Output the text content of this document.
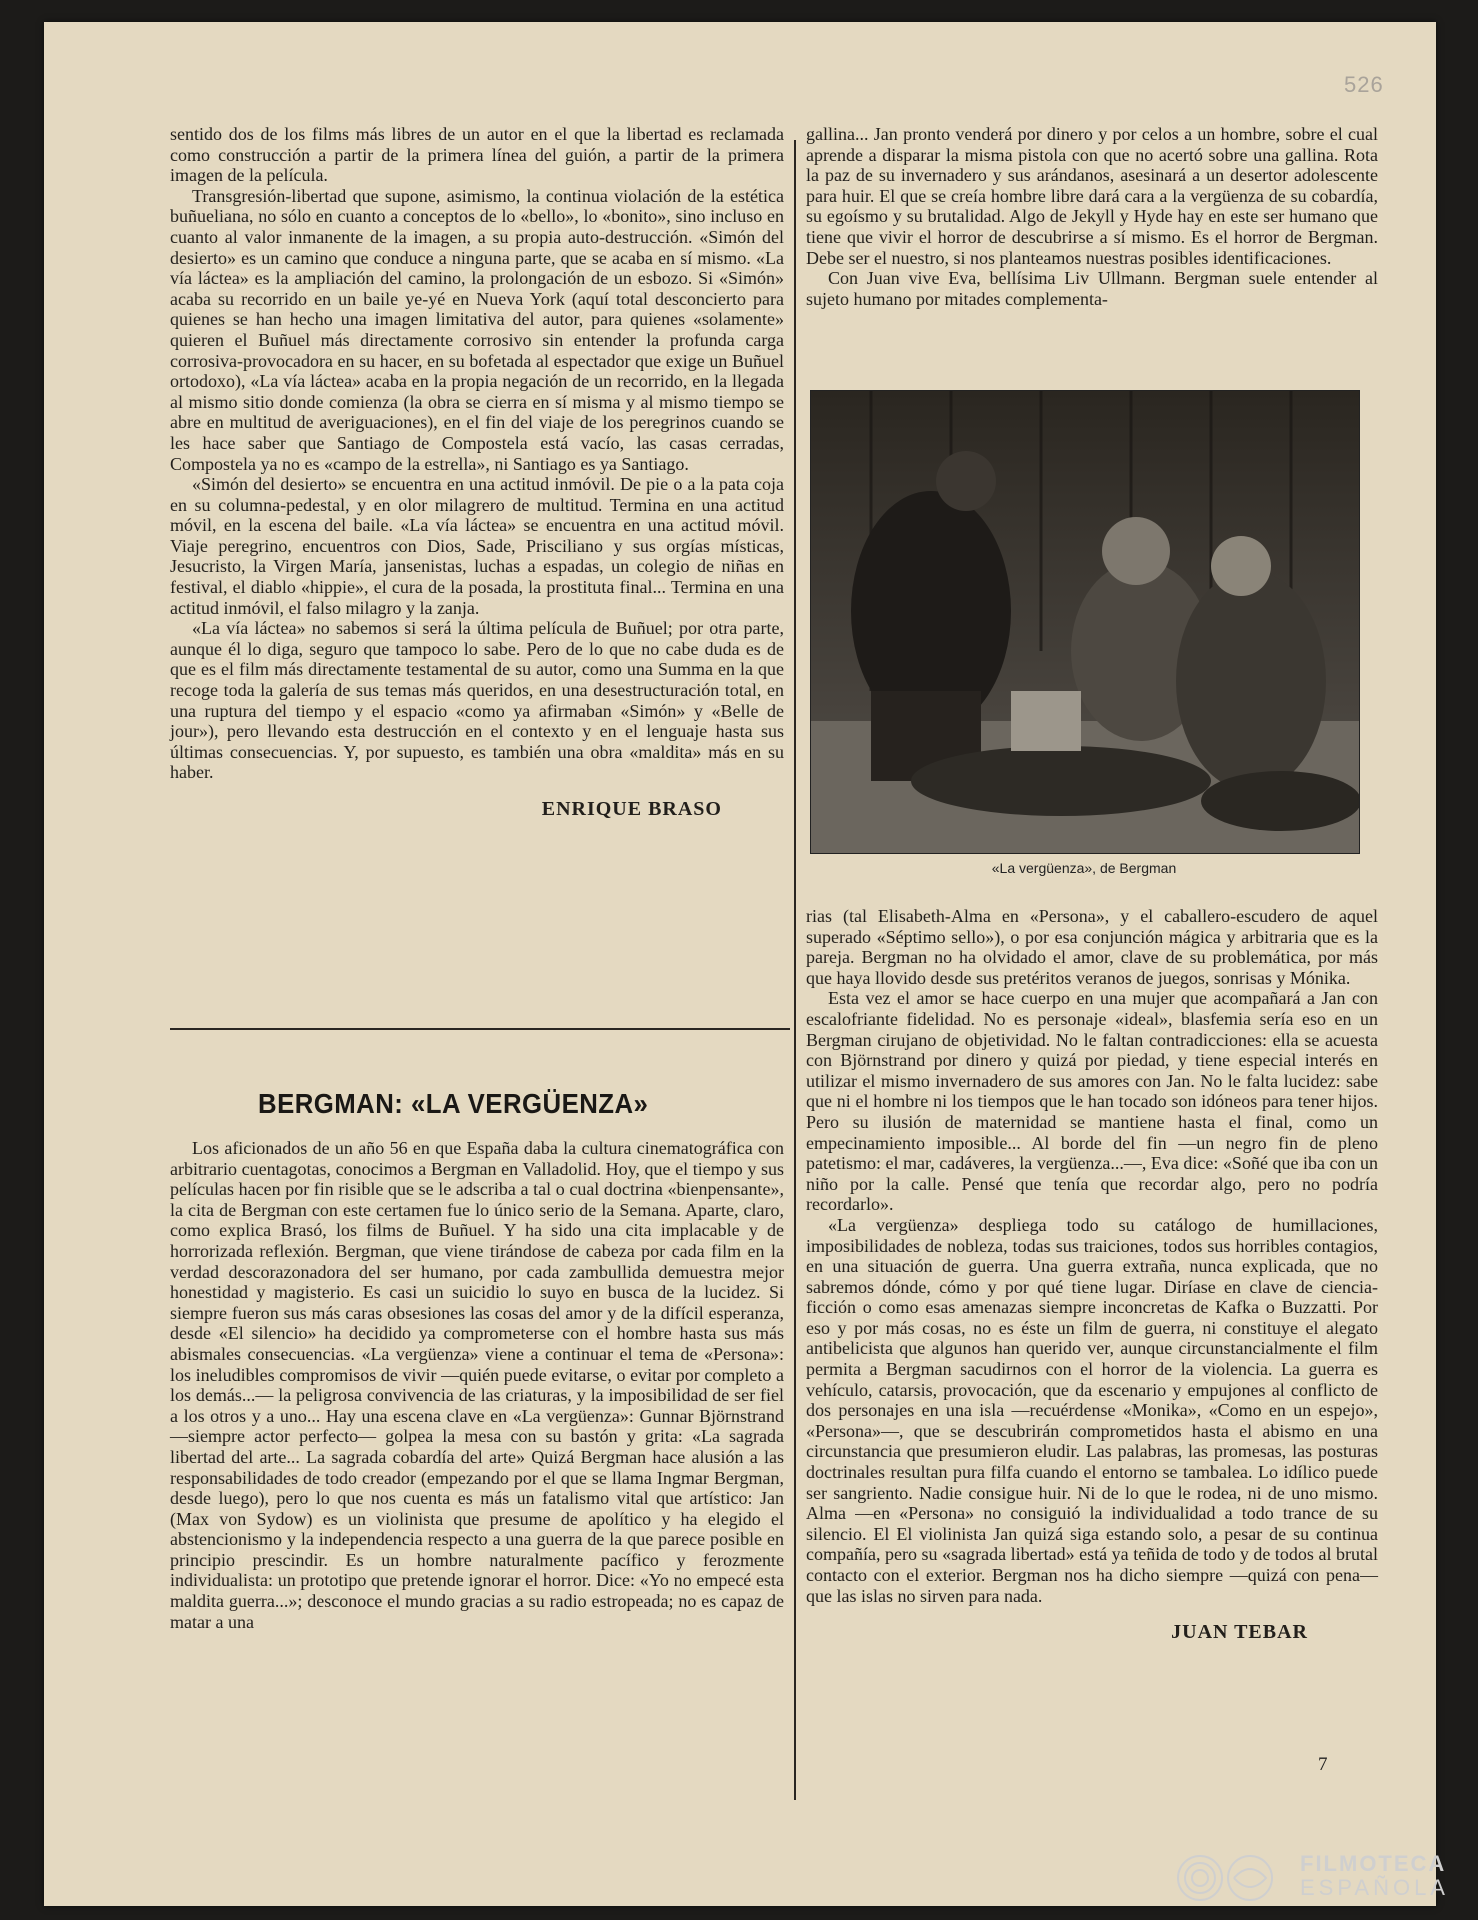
526

sentido dos de los films más libres de un autor en el que la libertad es reclamada como construcción a partir de la primera línea del guión, a partir de la primera imagen de la película.

Transgresión-libertad que supone, asimismo, la continua violación de la estética buñueliana, no sólo en cuanto a conceptos de lo «bello», lo «bonito», sino incluso en cuanto al valor inmanente de la imagen, a su propia auto-destrucción. «Simón del desierto» es un camino que conduce a ninguna parte, que se acaba en sí mismo. «La vía láctea» es la ampliación del camino, la prolongación de un esbozo. Si «Simón» acaba su recorrido en un baile ye-yé en Nueva York (aquí total desconcierto para quienes se han hecho una imagen limitativa del autor, para quienes «solamente» quieren el Buñuel más directamente corrosivo sin entender la profunda carga corrosiva-provocadora en su hacer, en su bofetada al espectador que exige un Buñuel ortodoxo), «La vía láctea» acaba en la propia negación de un recorrido, en la llegada al mismo sitio donde comienza (la obra se cierra en sí misma y al mismo tiempo se abre en multitud de averiguaciones), en el fin del viaje de los peregrinos cuando se les hace saber que Santiago de Compostela está vacío, las casas cerradas, Compostela ya no es «campo de la estrella», ni Santiago es ya Santiago.

«Simón del desierto» se encuentra en una actitud inmóvil. De pie o a la pata coja en su columna-pedestal, y en olor milagrero de multitud. Termina en una actitud móvil, en la escena del baile. «La vía láctea» se encuentra en una actitud móvil. Viaje peregrino, encuentros con Dios, Sade, Prisciliano y sus orgías místicas, Jesucristo, la Virgen María, jansenistas, luchas a espadas, un colegio de niñas en festival, el diablo «hippie», el cura de la posada, la prostituta final... Termina en una actitud inmóvil, el falso milagro y la zanja.

«La vía láctea» no sabemos si será la última película de Buñuel; por otra parte, aunque él lo diga, seguro que tampoco lo sabe. Pero de lo que no cabe duda es de que es el film más directamente testamental de su autor, como una Summa en la que recoge toda la galería de sus temas más queridos, en una desestructuración total, en una ruptura del tiempo y el espacio «como ya afirmaban «Simón» y «Belle de jour»), pero llevando esta destrucción en el contexto y en el lenguaje hasta sus últimas consecuencias. Y, por supuesto, es también una obra «maldita» más en su haber.

ENRIQUE BRASO
BERGMAN: «LA VERGÜENZA»

Los aficionados de un año 56 en que España daba la cultura cinematográfica con arbitrario cuentagotas, conocimos a Bergman en Valladolid. Hoy, que el tiempo y sus películas hacen por fin risible que se le adscriba a tal o cual doctrina «bienpensante», la cita de Bergman con este certamen fue lo único serio de la Semana. Aparte, claro, como explica Brasó, los films de Buñuel. Y ha sido una cita implacable y de horrorizada reflexión. Bergman, que viene tirándose de cabeza por cada film en la verdad descorazonadora del ser humano, por cada zambullida demuestra mejor honestidad y magisterio. Es casi un suicidio lo suyo en busca de la lucidez. Si siempre fueron sus más caras obsesiones las cosas del amor y de la difícil esperanza, desde «El silencio» ha decidido ya comprometerse con el hombre hasta sus más abismales consecuencias. «La vergüenza» viene a continuar el tema de «Persona»: los ineludibles compromisos de vivir —quién puede evitarse, o evitar por completo a los demás...— la peligrosa convivencia de las criaturas, y la imposibilidad de ser fiel a los otros y a uno... Hay una escena clave en «La vergüenza»: Gunnar Björnstrand —siempre actor perfecto— golpea la mesa con su bastón y grita: «La sagrada libertad del arte... La sagrada cobardía del arte» Quizá Bergman hace alusión a las responsabilidades de todo creador (empezando por el que se llama Ingmar Bergman, desde luego), pero lo que nos cuenta es más un fatalismo vital que artístico: Jan (Max von Sydow) es un violinista que presume de apolítico y ha elegido el abstencionismo y la independencia respecto a una guerra de la que parece posible en principio prescindir. Es un hombre naturalmente pacífico y ferozmente individualista: un prototipo que pretende ignorar el horror. Dice: «Yo no empecé esta maldita guerra...»; desconoce el mundo gracias a su radio estropeada; no es capaz de matar a una

gallina... Jan pronto venderá por dinero y por celos a un hombre, sobre el cual aprende a disparar la misma pistola con que no acertó sobre una gallina. Rota la paz de su invernadero y sus arándanos, asesinará a un desertor adolescente para huir. El que se creía hombre libre dará cara a la vergüenza de su cobardía, su egoísmo y su brutalidad. Algo de Jekyll y Hyde hay en este ser humano que tiene que vivir el horror de descubrirse a sí mismo. Es el horror de Bergman. Debe ser el nuestro, si nos planteamos nuestras posibles identificaciones.

Con Juan vive Eva, bellísima Liv Ullmann. Bergman suele entender al sujeto humano por mitades complementa-

«La vergüenza», de Bergman

rias (tal Elisabeth-Alma en «Persona», y el caballero-escudero de aquel superado «Séptimo sello»), o por esa conjunción mágica y arbitraria que es la pareja. Bergman no ha olvidado el amor, clave de su problemática, por más que haya llovido desde sus pretéritos veranos de juegos, sonrisas y Mónika.

Esta vez el amor se hace cuerpo en una mujer que acompañará a Jan con escalofriante fidelidad. No es personaje «ideal», blasfemia sería eso en un Bergman cirujano de objetividad. No le faltan contradicciones: ella se acuesta con Björnstrand por dinero y quizá por piedad, y tiene especial interés en utilizar el mismo invernadero de sus amores con Jan. No le falta lucidez: sabe que ni el hombre ni los tiempos que le han tocado son idóneos para tener hijos. Pero su ilusión de maternidad se mantiene hasta el final, como un empecinamiento imposible... Al borde del fin —un negro fin de pleno patetismo: el mar, cadáveres, la vergüenza...—, Eva dice: «Soñé que iba con un niño por la calle. Pensé que tenía que recordar algo, pero no podría recordarlo».

«La vergüenza» despliega todo su catálogo de humillaciones, imposibilidades de nobleza, todas sus traiciones, todos sus horribles contagios, en una situación de guerra. Una guerra extraña, nunca explicada, que no sabremos dónde, cómo y por qué tiene lugar. Diríase en clave de ciencia-ficción o como esas amenazas siempre inconcretas de Kafka o Buzzatti. Por eso y por más cosas, no es éste un film de guerra, ni constituye el alegato antibelicista que algunos han querido ver, aunque circunstancialmente el film permita a Bergman sacudirnos con el horror de la violencia. La guerra es vehículo, catarsis, provocación, que da escenario y empujones al conflicto de dos personajes en una isla —recuérdense «Monika», «Como en un espejo», «Persona»—, que se descubrirán comprometidos hasta el abismo en una circunstancia que presumieron eludir. Las palabras, las promesas, las posturas doctrinales resultan pura filfa cuando el entorno se tambalea. Lo idílico puede ser sangriento. Nadie consigue huir. Ni de lo que le rodea, ni de uno mismo. Alma —en «Persona» no consiguió la individualidad a todo trance de su silencio. El El violinista Jan quizá siga estando solo, a pesar de su continua compañía, pero su «sagrada libertad» está ya teñida de todo y de todos al brutal contacto con el exterior. Bergman nos ha dicho siempre —quizá con pena— que las islas no sirven para nada.

JUAN TEBAR
7
FILMOTECA
ESPAÑOLA
